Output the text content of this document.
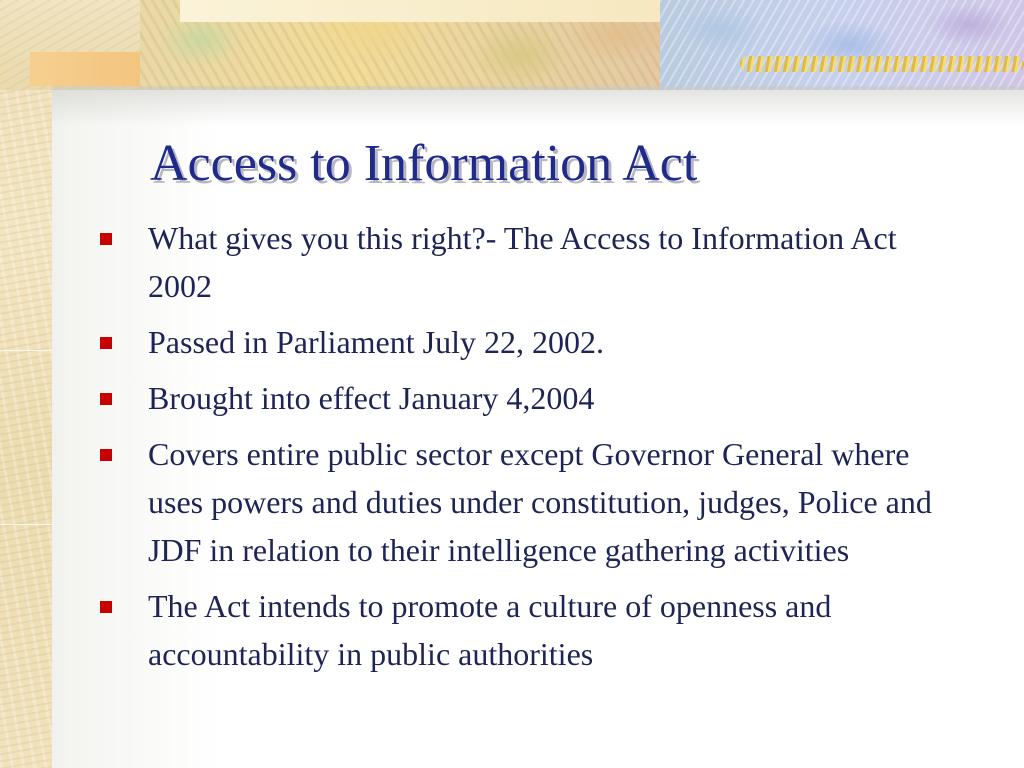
Access to Information Act
What gives you this right?- The Access to Information Act 2002
Passed in Parliament July 22, 2002.
Brought into effect January 4,2004
Covers entire public sector except Governor General where uses powers and duties under constitution, judges, Police and JDF in relation to their intelligence gathering activities
The Act intends to promote a culture of openness and accountability in public authorities
